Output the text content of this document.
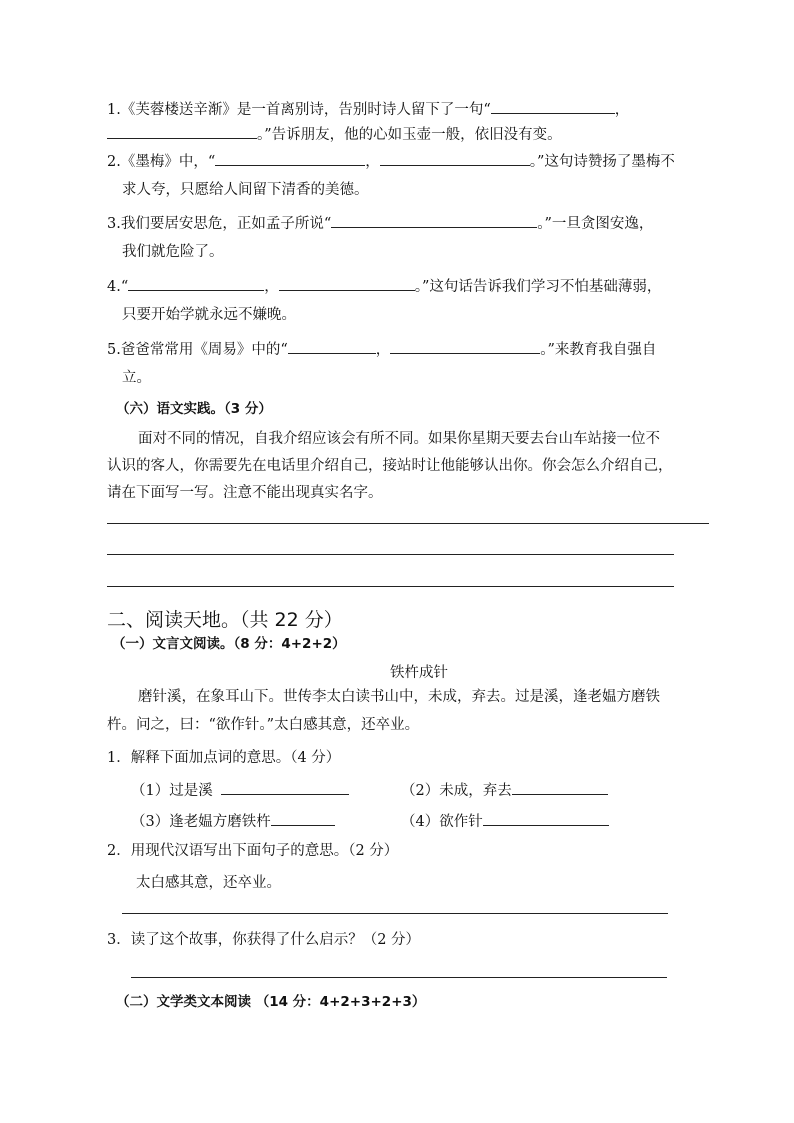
1.《芙蓉楼送辛渐》是一首离别诗，告别时诗人留下了一句“	，
。”告诉朋友，他的心如玉壶一般，依旧没有变。
2.《墨梅》中，“	，	。”这句诗赞扬了墨梅不
求人夸，只愿给人间留下清香的美德。
3.我们要居安思危，正如孟子所说“	。”一旦贪图安逸，
我们就危险了。
4.“	，	。”这句话告诉我们学习不怕基础薄弱，
只要开始学就永远不嫌晚。
5.爸爸常常用《周易》中的“	，	。”来教育我自强自
立。
（六）语文实践。（3 分）
面对不同的情况，自我介绍应该会有所不同。如果你星期天要去台山车站接一位不
认识的客人，你需要先在电话里介绍自己，接站时让他能够认出你。你会怎么介绍自己，
请在下面写一写。注意不能出现真实名字。
二、阅读天地。（共 22 分）
（一）文言文阅读。（8 分：4+2+2）
铁杵成针
磨针溪，在象耳山下。世传李太白读书山中，未成，弃去。过是溪，逢老媪方磨铁
杵。问之，曰：“欲作针。”太白感其意，还卒业。
1．解释下面加点词的意思。（4 分）
（1）过是溪	（2）未成，弃去
（3）逢老媪方磨铁杵	（4）欲作针
2．用现代汉语写出下面句子的意思。（2 分）
太白感其意，还卒业。
3．读了这个故事，你获得了什么启示？（2 分）
（二）文学类文本阅读 （14 分：4+2+3+2+3）
